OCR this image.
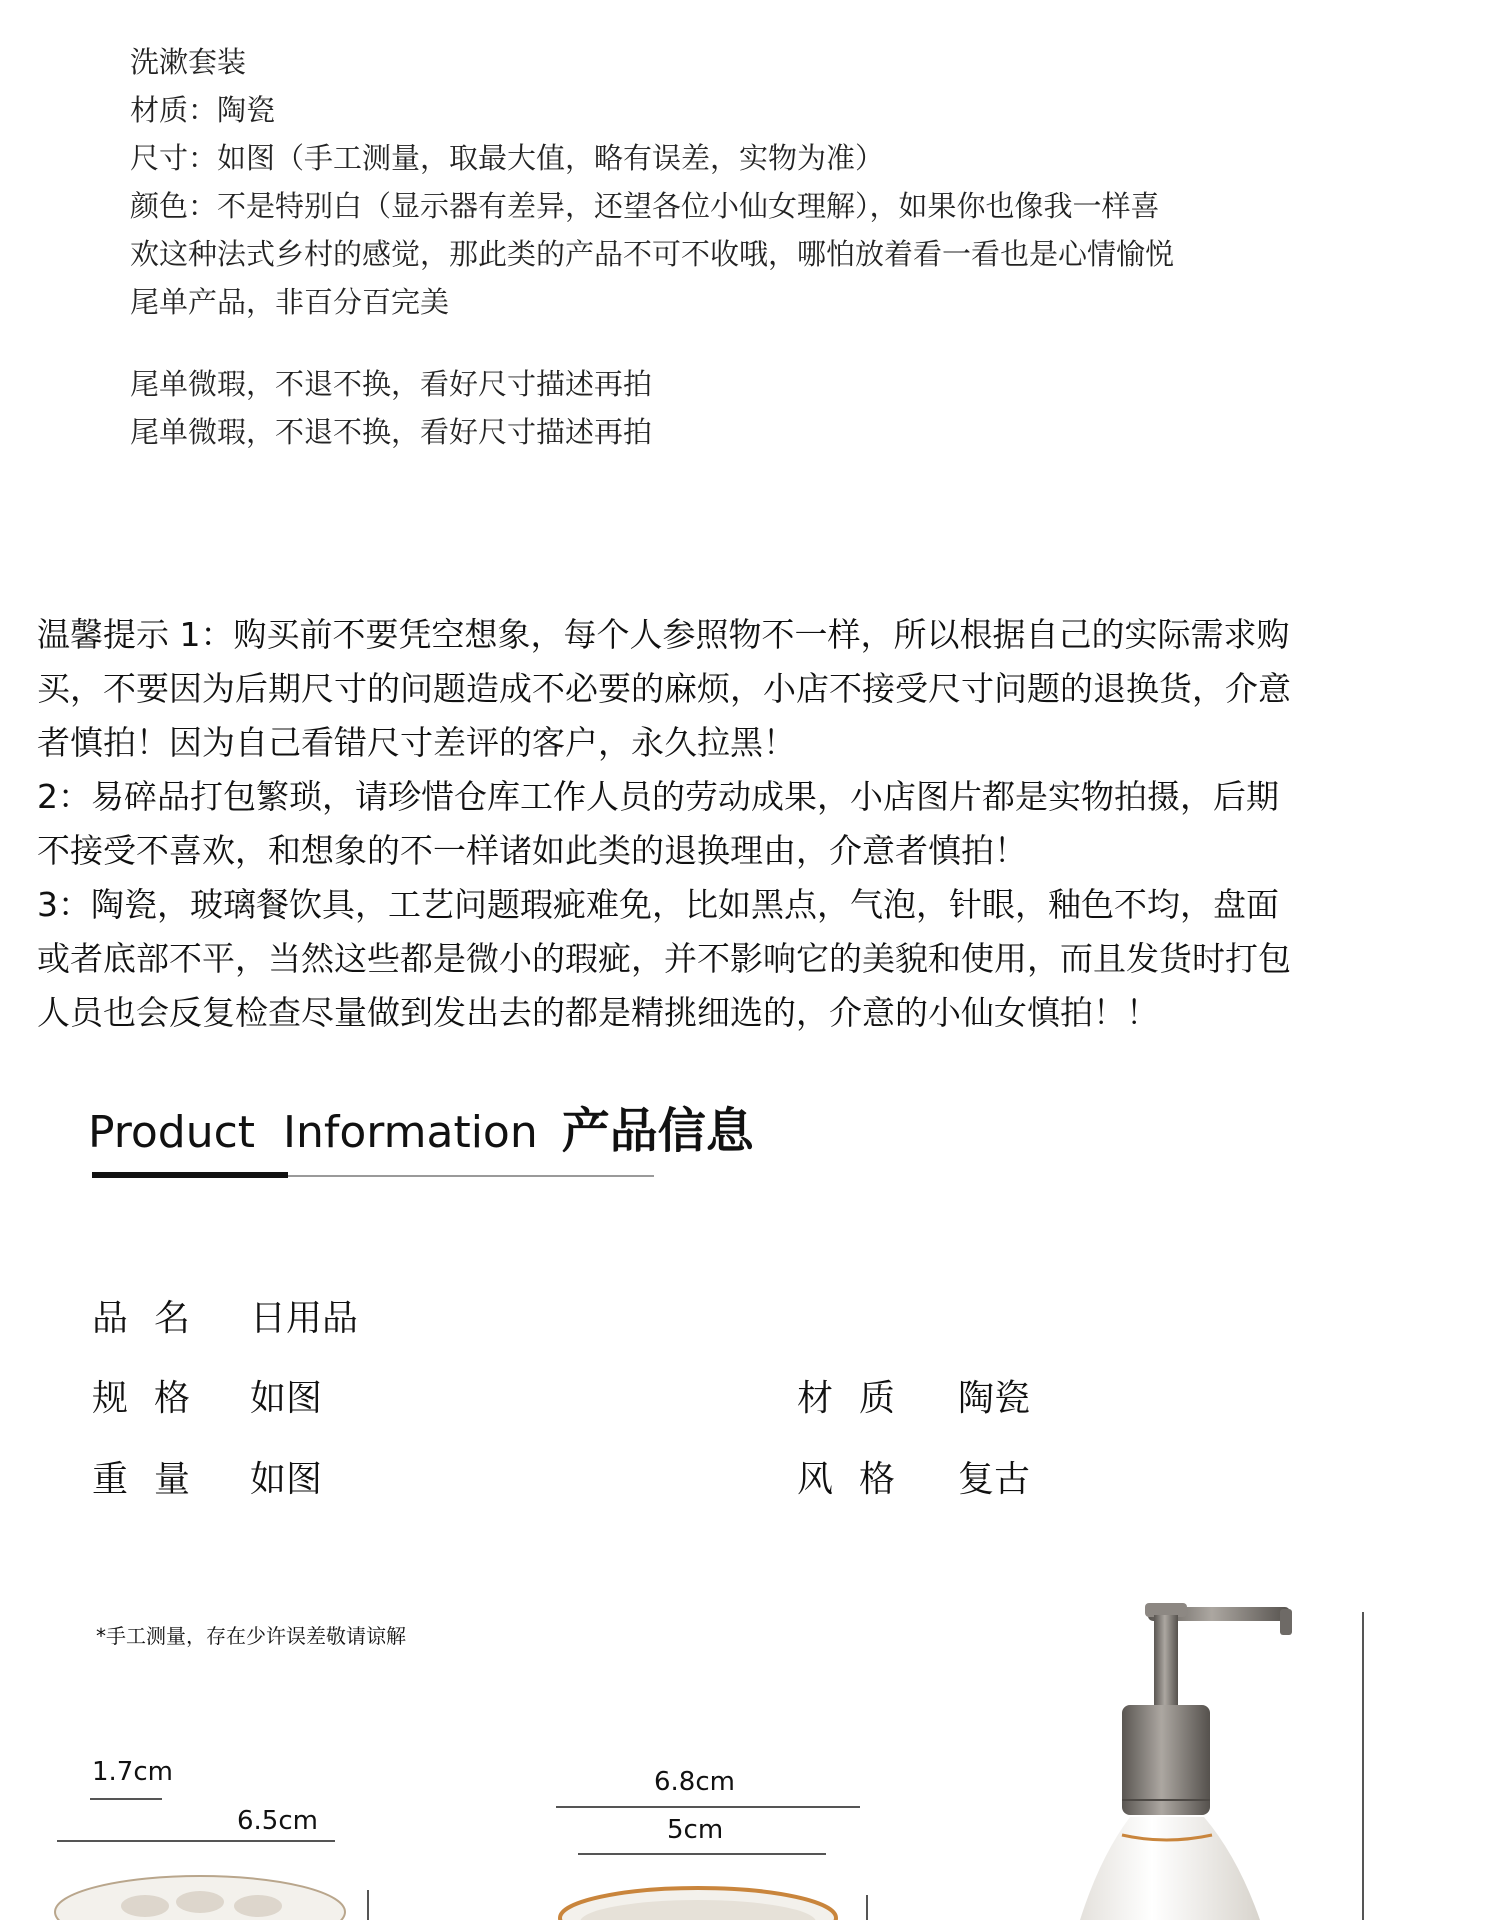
洗漱套装
材质：陶瓷
尺寸：如图（手工测量，取最大值，略有误差，实物为准）
颜色：不是特别白（显示器有差异，还望各位小仙女理解），如果你也像我一样喜
欢这种法式乡村的感觉，那此类的产品不可不收哦，哪怕放着看一看也是心情愉悦
尾单产品，非百分百完美
尾单微瑕，不退不换，看好尺寸描述再拍
尾单微瑕，不退不换，看好尺寸描述再拍
温馨提示 1：购买前不要凭空想象，每个人参照物不一样，所以根据自己的实际需求购
买，不要因为后期尺寸的问题造成不必要的麻烦，小店不接受尺寸问题的退换货，介意
者慎拍！因为自己看错尺寸差评的客户，永久拉黑！
2：易碎品打包繁琐，请珍惜仓库工作人员的劳动成果，小店图片都是实物拍摄，后期
不接受不喜欢，和想象的不一样诸如此类的退换理由，介意者慎拍！
3：陶瓷，玻璃餐饮具，工艺问题瑕疵难免，比如黑点，气泡，针眼，釉色不均，盘面
或者底部不平，当然这些都是微小的瑕疵，并不影响它的美貌和使用，而且发货时打包
人员也会反复检查尽量做到发出去的都是精挑细选的，介意的小仙女慎拍！！
Product  Information 产品信息
品名 日用品
规格 如图
重量 如图
材质 陶瓷
风格 复古
*手工测量，存在少许误差敬请谅解
1.7cm
6.5cm
6.8cm
5cm
